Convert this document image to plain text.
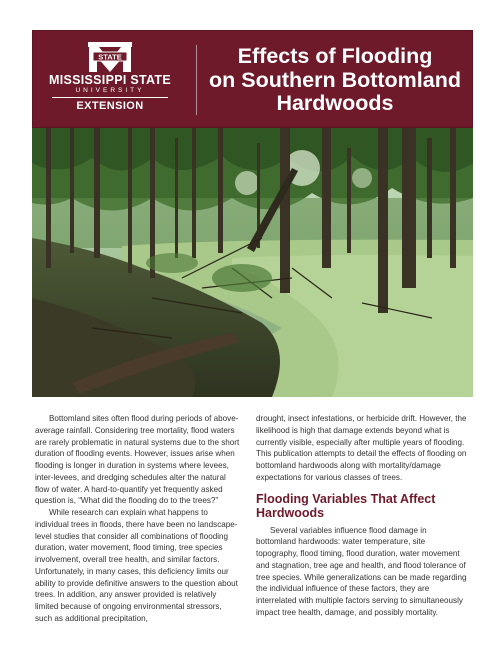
STATE
MISSISSIPPI STATE
UNIVERSITY
EXTENSION
Effects of Flooding
on Southern Bottomland
Hardwoods

Bottomland sites often flood during periods of above-average rainfall. Considering tree mortality, flood waters are rarely problematic in natural systems due to the short duration of flooding events. However, issues arise when flooding is longer in duration in systems where levees, inter-levees, and dredging schedules alter the natural flow of water. A hard-to-quantify yet frequently asked question is, “What did the flooding do to the trees?”

While research can explain what happens to individual trees in floods, there have been no landscape-level studies that consider all combinations of flooding duration, water movement, flood timing, tree species involvement, overall tree health, and similar factors. Unfortunately, in many cases, this deficiency limits our ability to provide definitive answers to the question about trees. In addition, any answer provided is relatively limited because of ongoing environmental stressors, such as additional precipitation,

drought, insect infestations, or herbicide drift. However, the likelihood is high that damage extends beyond what is currently visible, especially after multiple years of flooding. This publication attempts to detail the effects of flooding on bottomland hardwoods along with mortality/damage expectations for various classes of trees.

Flooding Variables That Affect Hardwoods

Several variables influence flood damage in bottomland hardwoods: water temperature, site topography, flood timing, flood duration, water movement and stagnation, tree age and health, and flood tolerance of tree species. While generalizations can be made regarding the individual influence of these factors, they are interrelated with multiple factors serving to simultaneously impact tree health, damage, and possibly mortality.
